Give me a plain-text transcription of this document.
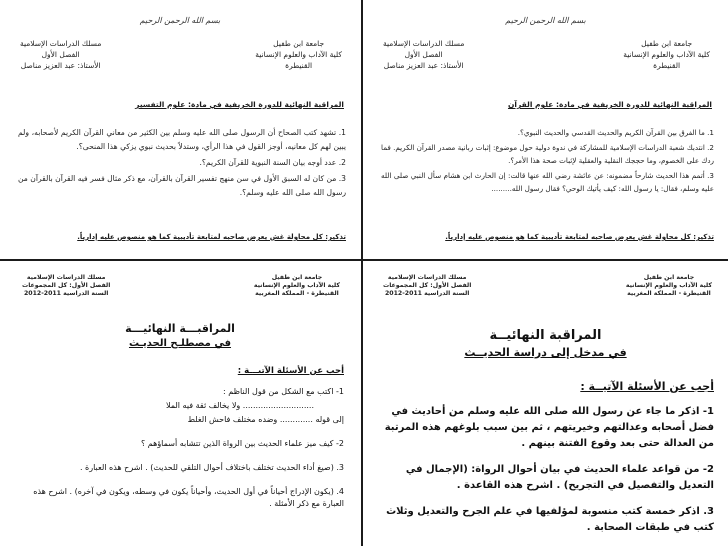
بسم الله الرحمن الرحيم
جامعة ابن طفيل
كلية الآداب والعلوم الإنسانية
القنيطرة
مسلك الدراسات الإسلامية
الفصل الأول
الأستاذ: عبد العزيز مناصل
المراقبة النهائية للدورة الخريفية في مادة: علوم القرآن

1. ما الفرق بين القرآن الكريم والحديث القدسي والحديث النبوي؟.

2. انتدبك شعبة الدراسات الإسلامية للمشاركة في ندوة دولية حول موضوع: إثبات ربانية مصدر القرآن الكريم. فما ردك على الخصوم، وما حججك النقلية والعقلية لإثبات صحة هذا الأمر؟.

3. أتمم هذا الحديث شارحاً مضمونه: عن عائشة رضي الله عنها قالت: إن الحارث ابن هشام سأل النبي صلى الله عليه وسلم، فقال: يا رسول الله: كيف يأتيك الوحي؟ فقال رسول الله.........

تذكير: كل محاولة غش يعرض صاحبه لمتابعة تأديبية كما هو منصوص عليه إدارياً.
بسم الله الرحمن الرحيم
جامعة ابن طفيل
كلية الآداب والعلوم الإنسانية
القنيطرة
مسلك الدراسات الإسلامية
الفصل الأول
الأستاذ: عبد العزيز مناصل
المراقبة النهائية للدورة الخريفية في مادة: علوم التفسير

1. تشهد كتب الصحاح أن الرسول صلى الله عليه وسلم بين الكثير من معاني القرآن الكريم لأصحابه، ولم يبين لهم كل معانيه، أوجز القول في هذا الرأي، وستدلاً بحديث نبوي يزكي هذا المنحى؟.

2. عدد أوجه بيان السنة النبوية للقرآن الكريم؟.

3. من كان له السبق الأول في سن منهج تفسير القرآن بالقرآن، مع ذكر مثال فسر فيه القرآن بالقرآن من رسول الله صلى الله عليه وسلم؟.

تذكير: كل محاولة غش يعرض صاحبه لمتابعة تأديبية كما هو منصوص عليه إدارياً.
جامعة ابن طفيل
كلية الآداب والعلوم الإنسانية
القنيطرة - المملكة المغربية
مسلك الدراسات الإسلامية
الفصل الأول: كل المجموعات
السنة الدراسية 2011-2012
المراقبـــة النهائيـــة
في مصطلـح الحديـث
أجب عن الأسئلة الآتيـــة :

1- اكتب مع الشكل من قول الناظم :

............................ ولا يخالف ثقة فيه الملا

إلى قوله ............. وضده مختلف فاحش الغلط

2- كيف ميز علماء الحديث بين الرواة الذين تتشابه أسماؤهم ؟

3. (صيغ أداء الحديث تختلف باختلاف أحوال التلقي للحديث) . اشرح هذه العبارة .

4. (يكون الإدراج أحياناً في أول الحديث، وأحياناً يكون في وسطه، ويكون في آخره) . اشرح هذه العبارة مع ذكر الأمثلة .

جامعة ابن طفيل
كلية الآداب والعلوم الإنسانية
القنيطرة - المملكة المغربية
مسلك الدراسات الإسلامية
الفصل الأول: كل المجموعات
السنة الدراسية 2011-2012
المراقبة النهائيــة
في مدخل إلى دراسة الحديــث
أجب عن الأسئلة الآتيــة :

1- اذكر ما جاء عن رسول الله صلى الله عليه وسلم من أحاديث في فضل أصحابه وعدالتهم وخيريتهم ، ثم بين سبب بلوغهم هذه المرتبة من العدالة حتى بعد وقوع الفتنة بينهم .

2- من قواعد علماء الحديث في بيان أحوال الرواة: (الإجمال في التعديل والتفصيل في التجريح) . اشرح هذه القاعدة .

3. اذكر خمسة كتب منسوبة لمؤلفيها في علم الجرح والتعديل وثلاث كتب في طبقات الصحابة .
